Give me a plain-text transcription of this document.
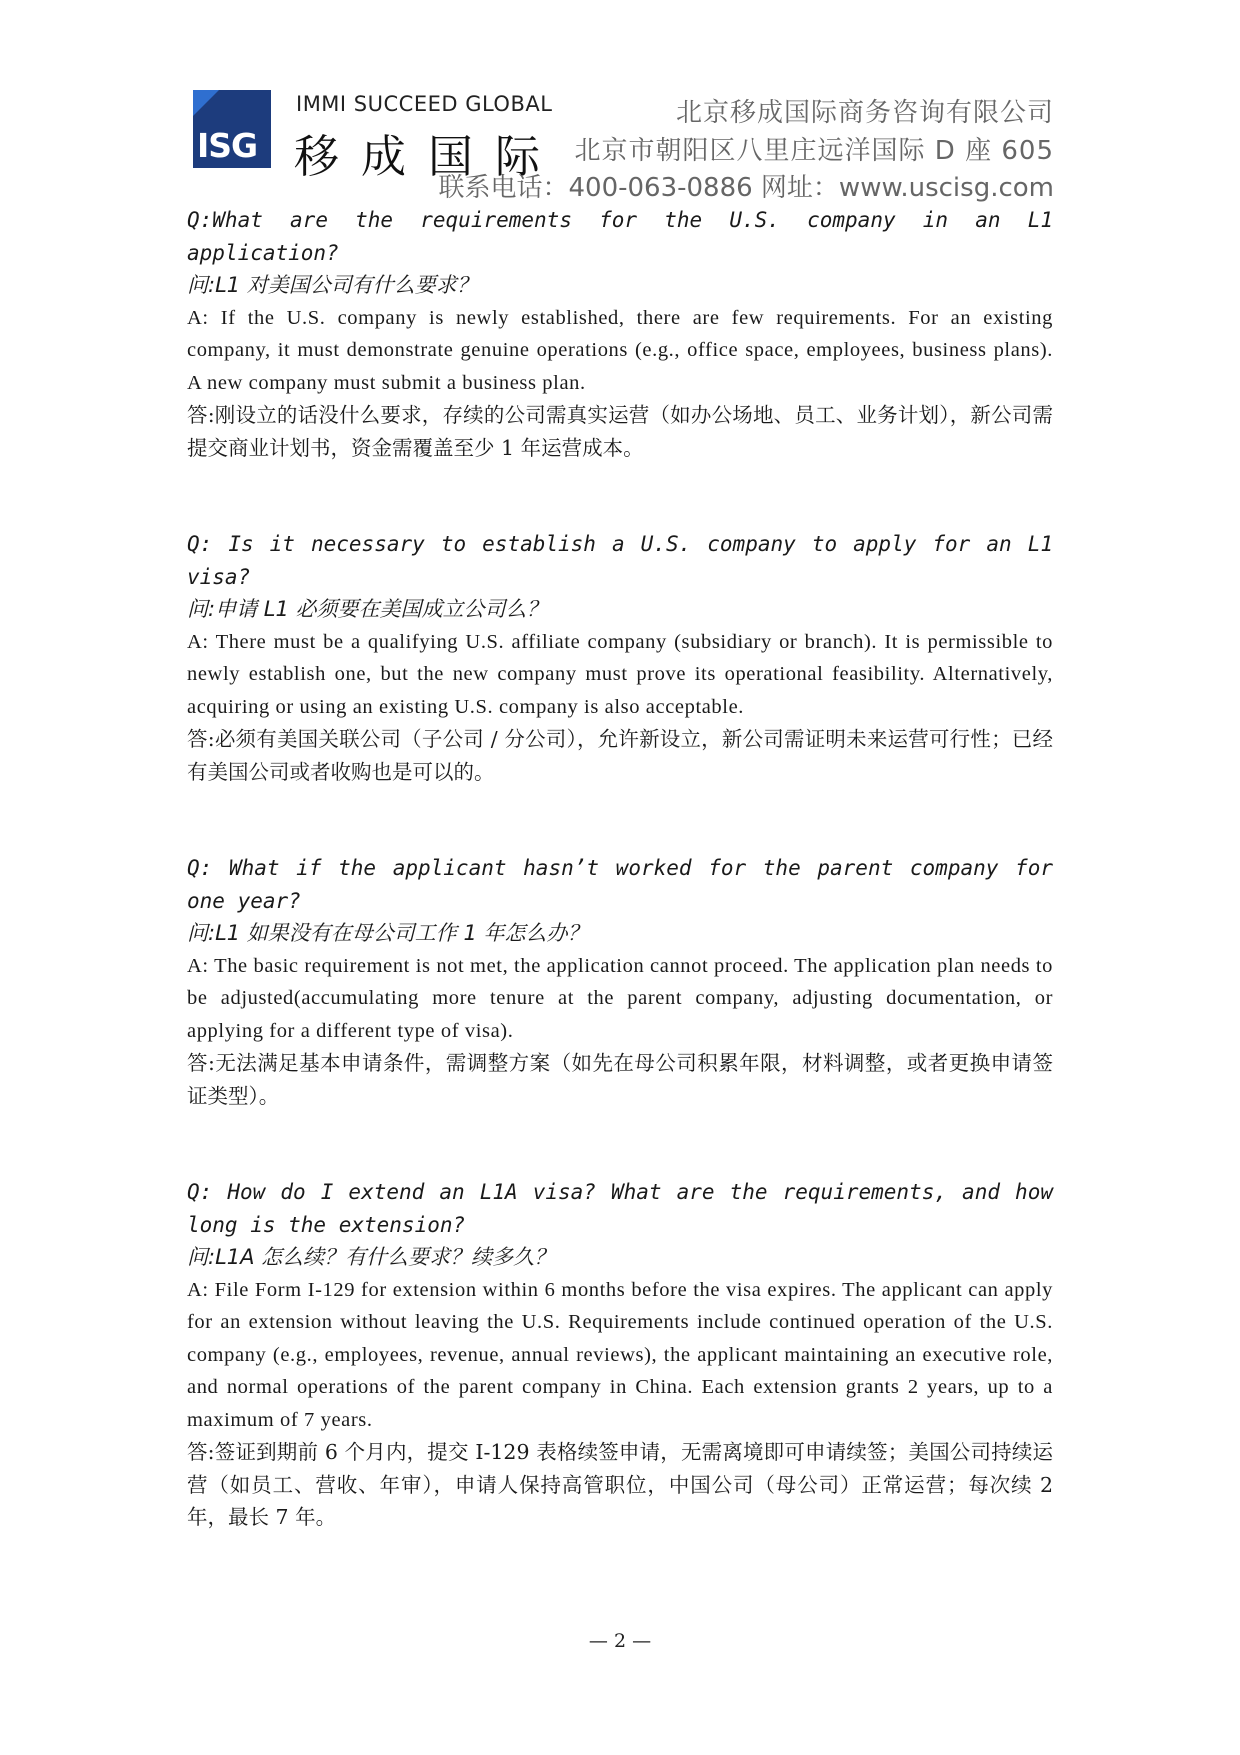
ISG
IMMI SUCCEED GLOBAL
移成国际
北京移成国际商务咨询有限公司
北京市朝阳区八里庄远洋国际 D 座 605
联系电话：400-063-0886 网址：www.uscisg.com

Q:What are the requirements for the U.S. company in an L1 application?

问:L1 对美国公司有什么要求？

A: If the U.S. company is newly established, there are few requirements. For an existing company, it must demonstrate genuine operations (e.g., office space, employees, business plans). A new company must submit a business plan.

答:刚设立的话没什么要求，存续的公司需真实运营（如办公场地、员工、业务计划），新公司需提交商业计划书，资金需覆盖至少 1 年运营成本。

Q: Is it necessary to establish a U.S. company to apply for an L1 visa?

问:申请 L1 必须要在美国成立公司么？

A: There must be a qualifying U.S. affiliate company (subsidiary or branch). It is permissible to newly establish one, but the new company must prove its operational feasibility. Alternatively, acquiring or using an existing U.S. company is also acceptable.

答:必须有美国关联公司（子公司 / 分公司），允许新设立，新公司需证明未来运营可行性；已经有美国公司或者收购也是可以的。

Q: What if the applicant hasn’t worked for the parent company for one year?

问:L1 如果没有在母公司工作 1 年怎么办？

A: The basic requirement is not met, the application cannot proceed. The application plan needs to be adjusted(accumulating more tenure at the parent company, adjusting documentation, or applying for a different type of visa).

答:无法满足基本申请条件，需调整方案（如先在母公司积累年限，材料调整，或者更换申请签证类型）。

Q: How do I extend an L1A visa? What are the requirements, and how long is the extension?

问:L1A 怎么续？有什么要求？续多久？

A: File Form I-129 for extension within 6 months before the visa expires. The applicant can apply for an extension without leaving the U.S. Requirements include continued operation of the U.S. company (e.g., employees, revenue, annual reviews), the applicant maintaining an executive role, and normal operations of the parent company in China. Each extension grants 2 years, up to a maximum of 7 years.

答:签证到期前 6 个月内，提交 I-129 表格续签申请，无需离境即可申请续签；美国公司持续运营（如员工、营收、年审），申请人保持高管职位，中国公司（母公司）正常运营；每次续 2 年，最长 7 年。

— 2 —
